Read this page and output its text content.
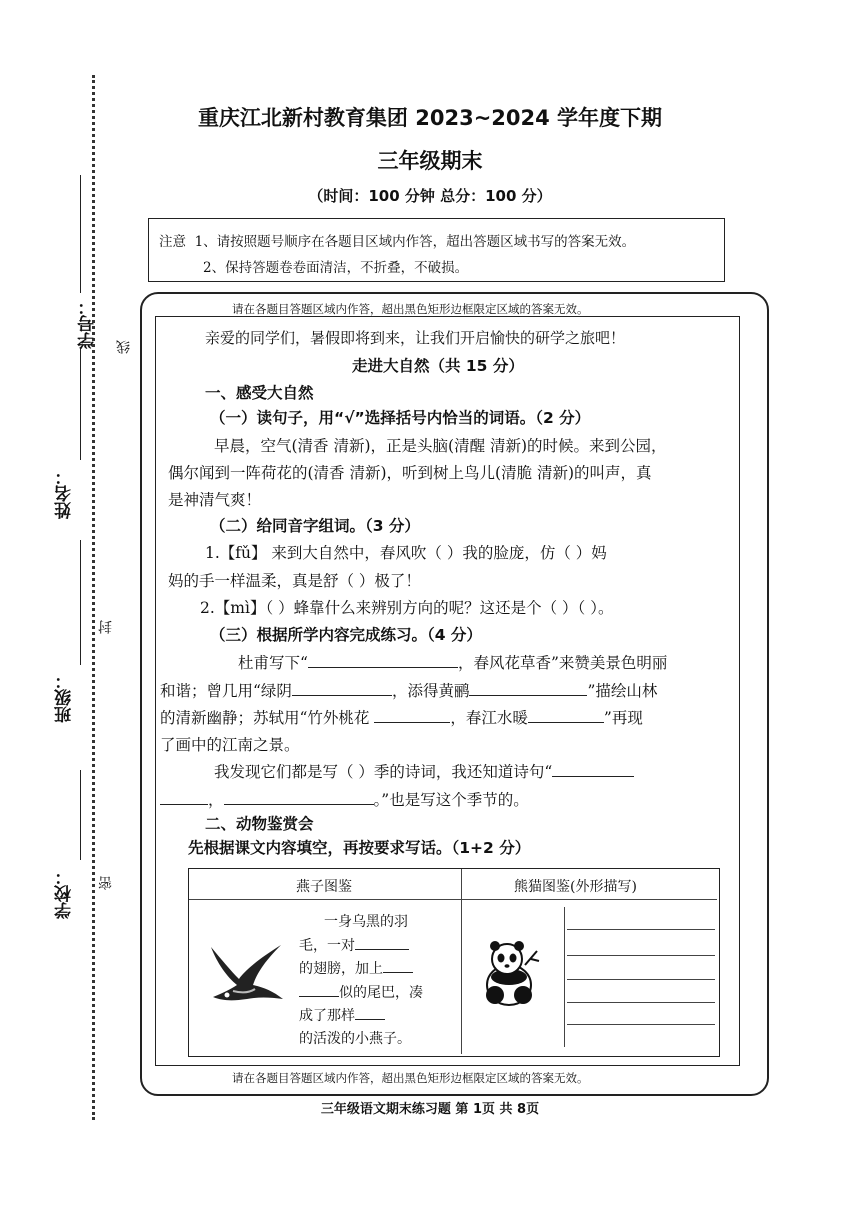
学校：
班级：
姓名：
学号：
密
封
线
重庆江北新村教育集团 2023~2024 学年度下期
三年级期末
（时间：100 分钟 总分：100 分）
注意 1、请按照题号顺序在各题目区域内作答，超出答题区域书写的答案无效。
2、保持答题卷卷面清洁，不折叠，不破损。
请在各题目答题区域内作答，超出黑色矩形边框限定区域的答案无效。
请在各题目答题区域内作答，超出黑色矩形边框限定区域的答案无效。
亲爱的同学们，暑假即将到来，让我们开启愉快的研学之旅吧！
走进大自然（共 15 分）
一、感受大自然
（一）读句子，用“√”选择括号内恰当的词语。（2 分）
早晨，空气(清香 清新)，正是头脑(清醒 清新)的时候。来到公园，
偶尔闻到一阵荷花的(清香 清新)，听到树上鸟儿(清脆 清新)的叫声，真
是神清气爽！
（二）给同音字组词。（3 分）
1.【fǔ】 来到大自然中，春风吹（ ）我的脸庞，仿（ ）妈
妈的手一样温柔，真是舒（ ）极了！
2.【mì】（ ）蜂靠什么来辨别方向的呢？这还是个（ ）（ ）。
（三）根据所学内容完成练习。（4 分）
杜甫写下“	，春风花草香”来赞美景色明丽
和谐；曾几用“绿阴	，添得黄鹂	”描绘山林
的清新幽静；苏轼用“竹外桃花	，春江水暖	”再现
了画中的江南之景。
我发现它们都是写（ ）季的诗词，我还知道诗句“
，	。”也是写这个季节的。
二、动物鉴赏会
先根据课文内容填空，再按要求写话。（1+2 分）
燕子图鉴	熊猫图鉴(外形描写)
一身乌黑的羽
毛，一对
的翅膀，加上
似的尾巴，凑
成了那样
的活泼的小燕子。
三年级语文期末练习题 第 1页 共 8页
